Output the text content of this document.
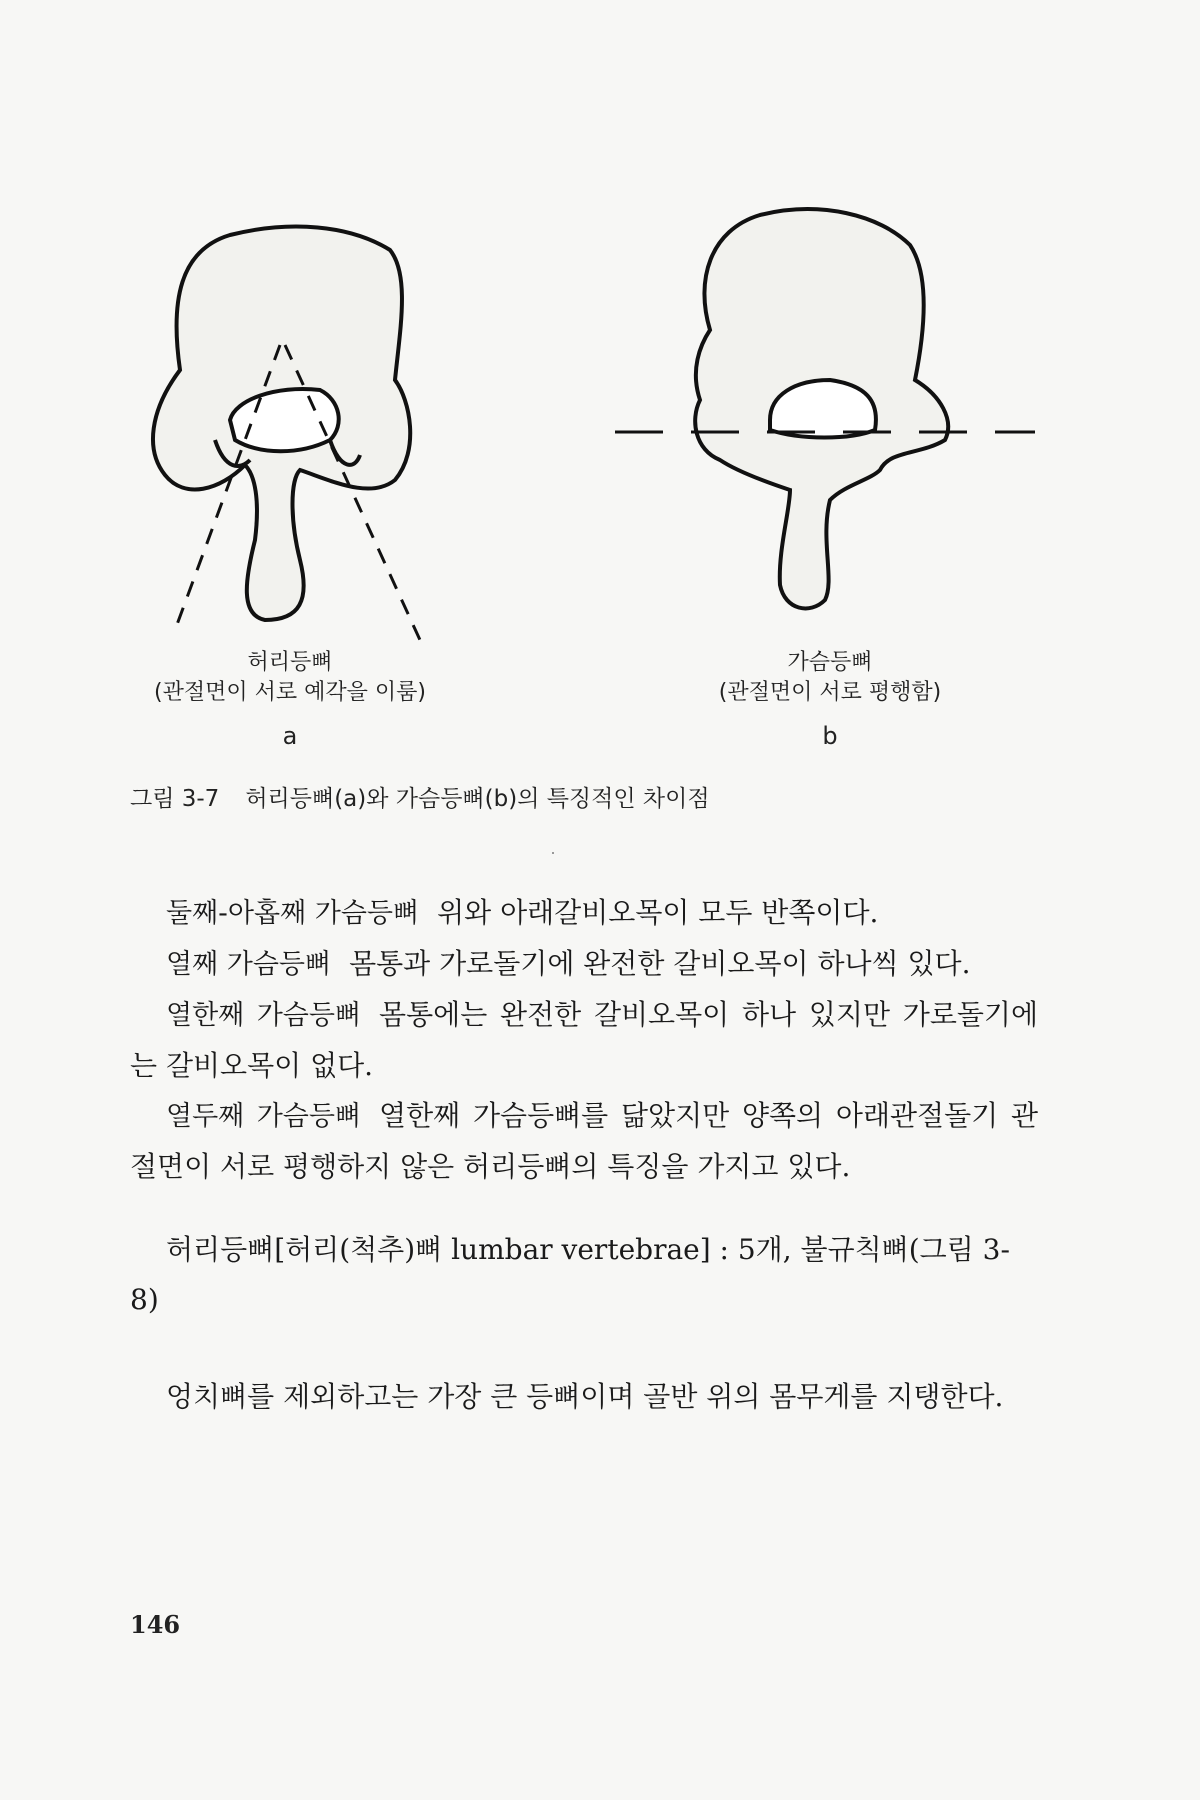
허리등뼈
(관절면이 서로 예각을 이룸)
a
가슴등뼈
(관절면이 서로 평행함)
b
그림 3-7 허리등뼈(a)와 가슴등뼈(b)의 특징적인 차이점

둘째-아홉째 가슴등뼈 위와 아래갈비오목이 모두 반쪽이다.

열째 가슴등뼈 몸통과 가로돌기에 완전한 갈비오목이 하나씩 있다.

열한째 가슴등뼈 몸통에는 완전한 갈비오목이 하나 있지만 가로돌기에는 갈비오목이 없다.

열두째 가슴등뼈 열한째 가슴등뼈를 닮았지만 양쪽의 아래관절돌기 관절면이 서로 평행하지 않은 허리등뼈의 특징을 가지고 있다.

허리등뼈[허리(척추)뼈 lumbar vertebrae] : 5개, 불규칙뼈(그림 3-8)
엉치뼈를 제외하고는 가장 큰 등뼈이며 골반 위의 몸무게를 지탱한다.
146
